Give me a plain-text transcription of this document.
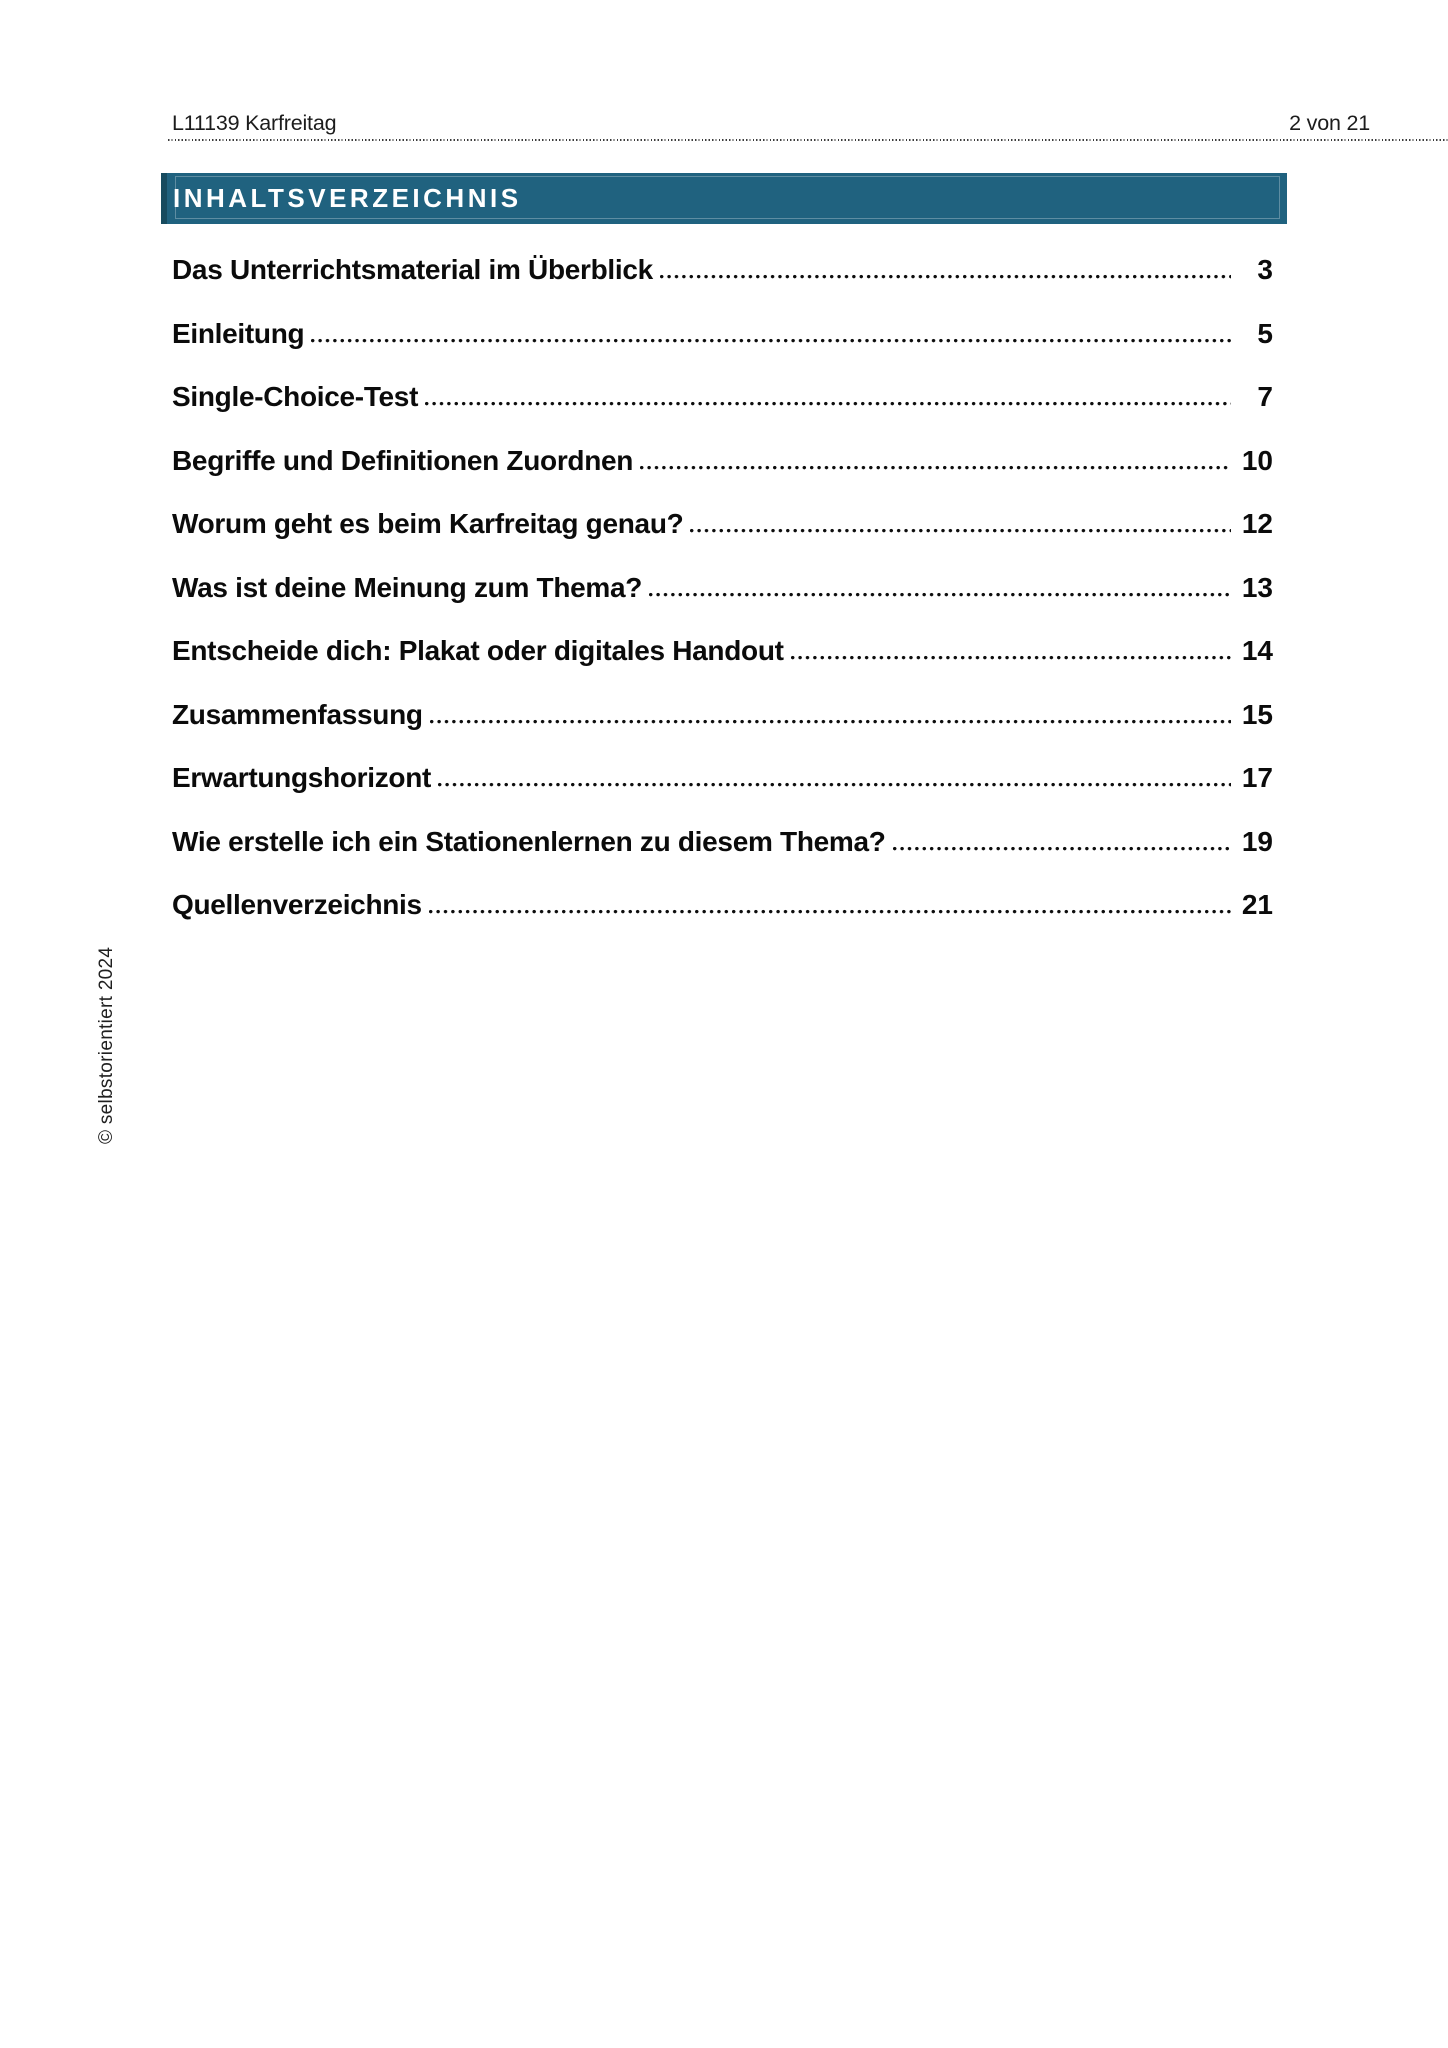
L11139 Karfreitag	2 von 21
INHALTSVERZEICHNIS
Das Unterrichtsmaterial im Überblick	3
Einleitung	5
Single-Choice-Test	7
Begriffe und Definitionen Zuordnen	10
Worum geht es beim Karfreitag genau?	12
Was ist deine Meinung zum Thema?	13
Entscheide dich: Plakat oder digitales Handout	14
Zusammenfassung	15
Erwartungshorizont	17
Wie erstelle ich ein Stationenlernen zu diesem Thema?	19
Quellenverzeichnis	21
© selbstorientiert 2024
